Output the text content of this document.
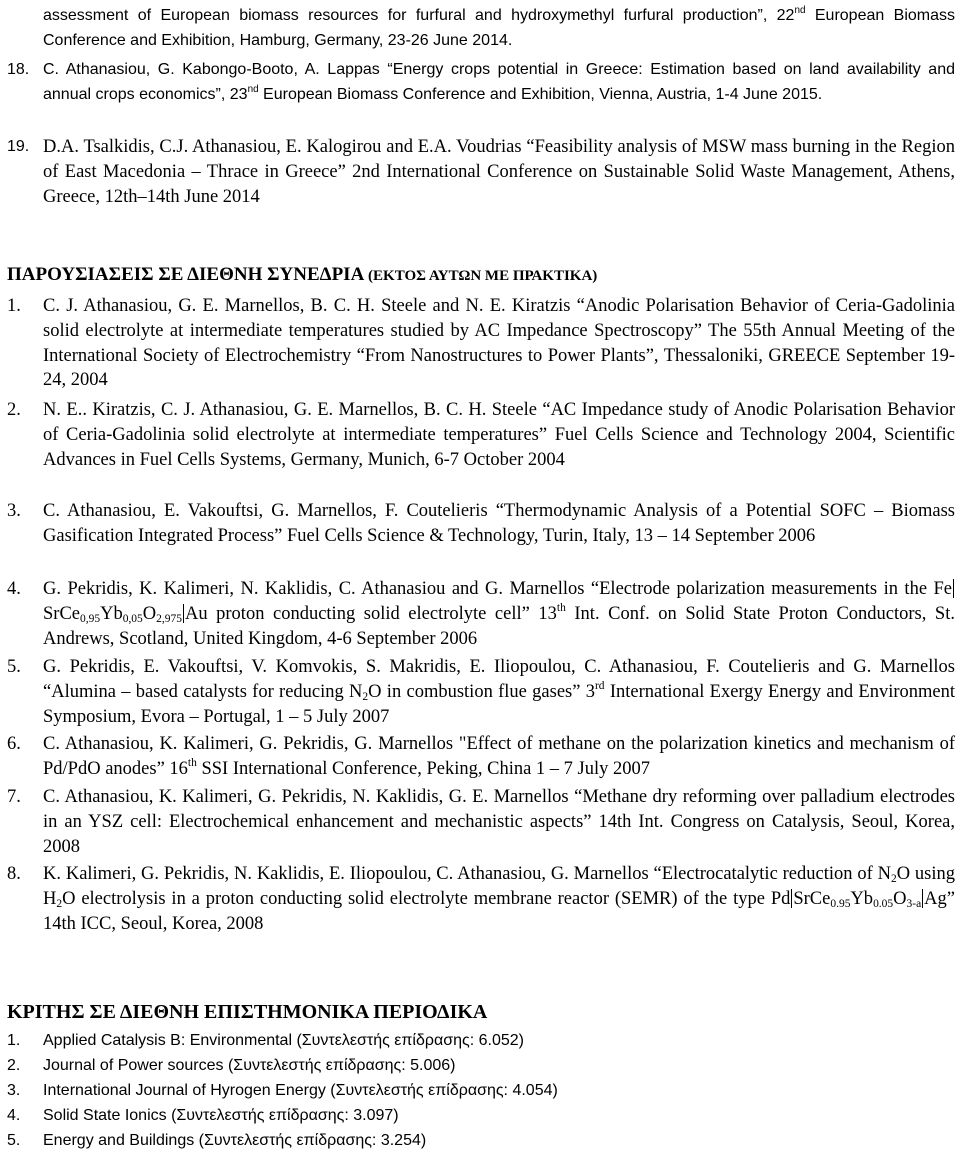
assessment of European biomass resources for furfural and hydroxymethyl furfural production”, 22nd European Biomass Conference and Exhibition, Hamburg, Germany, 23-26 June 2014.
18. C. Athanasiou, G. Kabongo-Booto, A. Lappas “Energy crops potential in Greece: Estimation based on land availability and annual crops economics”, 23nd European Biomass Conference and Exhibition, Vienna, Austria, 1-4 June 2015.
19. D.A. Tsalkidis, C.J. Athanasiou, E. Kalogirou and E.A. Voudrias “Feasibility analysis of MSW mass burning in the Region of East Macedonia – Thrace in Greece” 2nd International Conference on Sustainable Solid Waste Management, Athens, Greece, 12th–14th June 2014
ΠΑΡΟΥΣΙΑΣΕΙΣ ΣΕ ΔΙΕΘΝΗ ΣΥΝΕΔΡΙΑ (ΕΚΤΟΣ ΑΥΤΩΝ ΜΕ ΠΡΑΚΤΙΚΑ)
1. C. J. Athanasiou, G. E. Marnellos, B. C. H. Steele and N. E. Kiratzis “Anodic Polarisation Behavior of Ceria-Gadolinia solid electrolyte at intermediate temperatures studied by AC Impedance Spectroscopy” The 55th Annual Meeting of the International Society of Electrochemistry “From Nanostructures to Power Plants”, Thessaloniki, GREECE September 19-24, 2004
2. N. E.. Kiratzis, C. J. Athanasiou, G. E. Marnellos, B. C. H. Steele “AC Impedance study of Anodic Polarisation Behavior of Ceria-Gadolinia solid electrolyte at intermediate temperatures” Fuel Cells Science and Technology 2004, Scientific Advances in Fuel Cells Systems, Germany, Munich, 6-7 October 2004
3. C. Athanasiou, E. Vakouftsi, G. Marnellos, F. Coutelieris “Thermodynamic Analysis of a Potential SOFC – Biomass Gasification Integrated Process” Fuel Cells Science & Technology, Turin, Italy, 13 – 14 September 2006
4. G. Pekridis, K. Kalimeri, N. Kaklidis, C. Athanasiou and G. Marnellos “Electrode polarization measurements in the $FeSrCe_{0,95}Yb_{0,05}O_{2,975}$ Au proton conducting solid electrolyte cell” 13th Int. Conf. on Solid State Proton Conductors, St. Andrews, Scotland, United Kingdom, 4-6 September 2006
5. G. Pekridis, E. Vakouftsi, V. Komvokis, S. Makridis, E. Iliopoulou, C. Athanasiou, F. Coutelieris and G. Marnellos “Alumina – based catalysts for reducing $N_2O$ in combustion flue gases” 3rd International Exergy Energy and Environment Symposium, Evora – Portugal, 1 – 5 July 2007
6. C. Athanasiou, K. Kalimeri, G. Pekridis, G. Marnellos "Effect of methane on the polarization kinetics and mechanism of Pd/PdO anodes” 16th SSI International Conference, Peking, China 1 – 7 July 2007
7. C. Athanasiou, K. Kalimeri, G. Pekridis, N. Kaklidis, G. E. Marnellos “Methane dry reforming over palladium electrodes in an YSZ cell: Electrochemical enhancement and mechanistic aspects” 14th Int. Congress on Catalysis, Seoul, Korea, 2008
8. K. Kalimeri, G. Pekridis, N. Kaklidis, E. Iliopoulou, C. Athanasiou, G. Marnellos “Electrocatalytic reduction of $N_2O$ using $H_2O$ electrolysis in a proton conducting solid electrolyte membrane reactor (SEMR) of the type Pd $SrCe_{0.95}Yb_{0.05}O_{3-a}$ Ag” 14th ICC, Seoul, Korea, 2008
ΚΡΙΤΗΣ ΣΕ ΔΙΕΘΝΗ ΕΠΙΣΤΗΜΟΝΙΚΑ ΠΕΡΙΟΔΙΚΑ
1. Applied Catalysis B: Environmental (Συντελεστής επίδρασης: 6.052)
2. Journal of Power sources (Συντελεστής επίδρασης: 5.006)
3. International Journal of Hyrogen Energy (Συντελεστής επίδρασης: 4.054)
4. Solid State Ionics (Συντελεστής επίδρασης: 3.097)
5. Energy and Buildings (Συντελεστής επίδρασης: 3.254)
